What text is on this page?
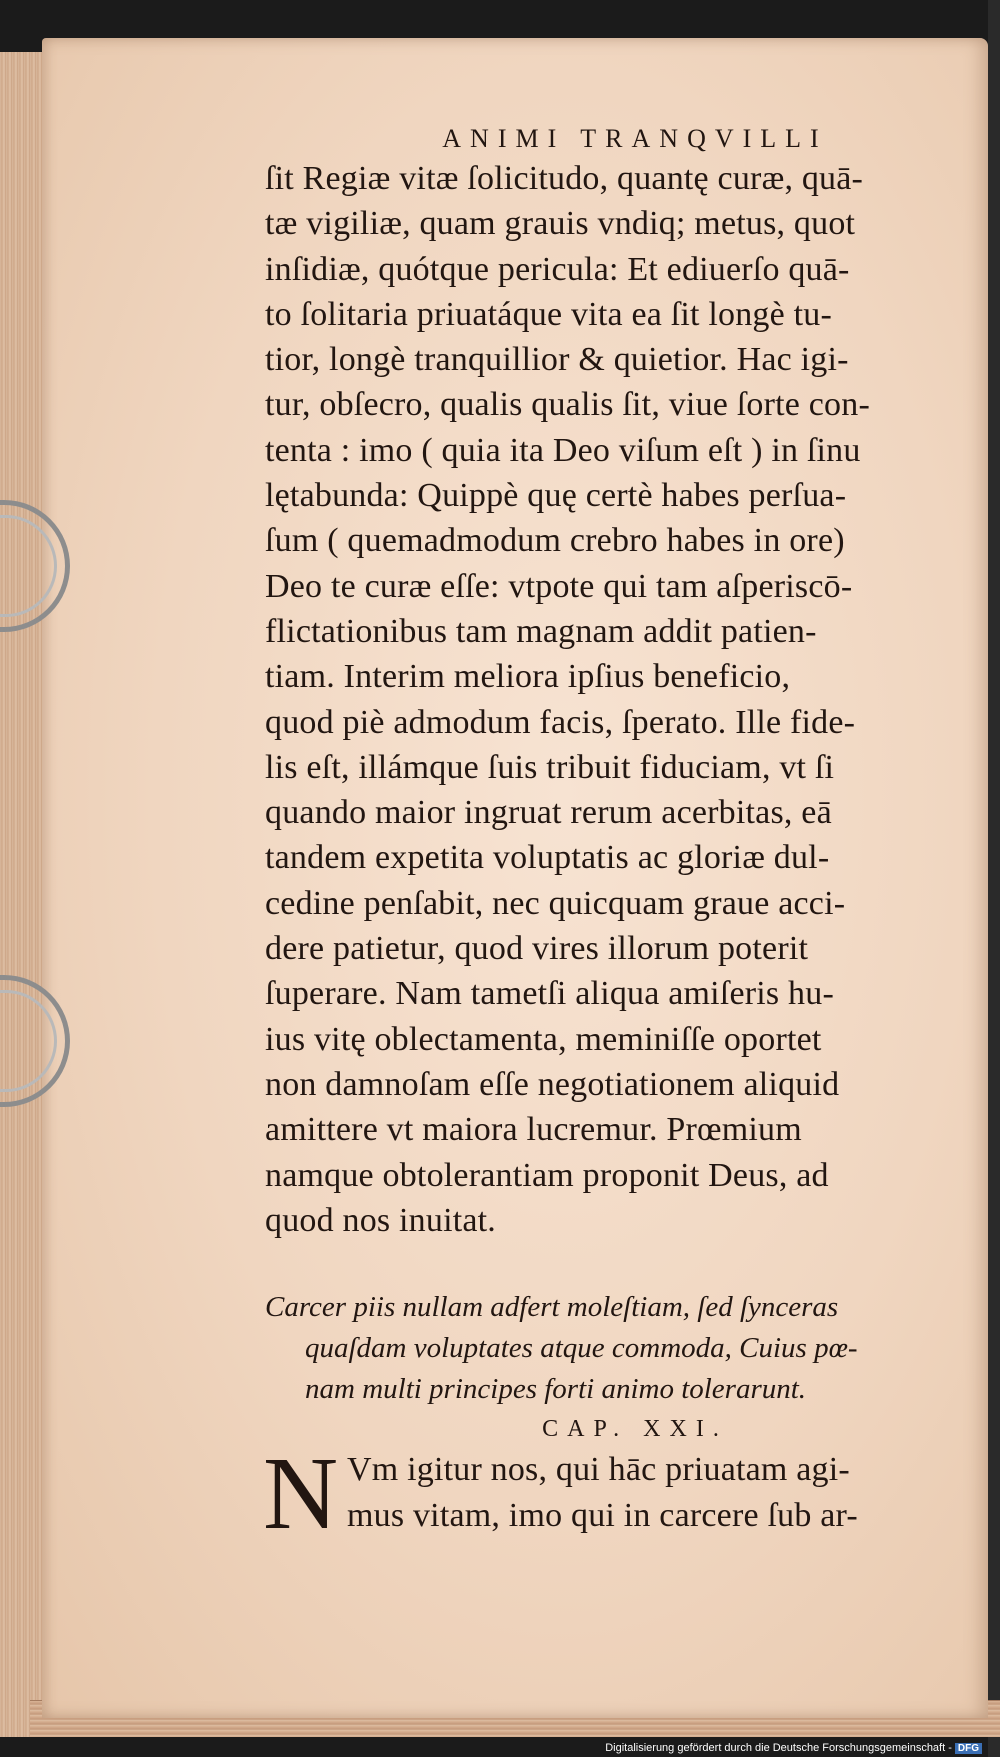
ANIMI TRANQVILLI
ſit Regiæ vitæ ſolicitudo, quantę curæ, quā-
tæ vigiliæ, quam grauis vndiq; metus, quot
inſidiæ, quótque pericula: Et ediuerſo quā-
to ſolitaria priuatáque vita ea ſit longè tu-
tior, longè tranquillior & quietior. Hac igi-
tur, obſecro, qualis qualis ſit, viue ſorte con-
tenta : imo ( quia ita Deo viſum eſt ) in ſinu
lętabunda: Quippè quę certè habes perſua-
ſum ( quemadmodum crebro habes in ore)
Deo te curæ eſſe: vtpote qui tam aſperiscō-
flictationibus tam magnam addit patien-
tiam. Interim meliora ipſius beneficio,
quod piè admodum facis, ſperato. Ille fide-
lis eſt, illámque ſuis tribuit fiduciam, vt ſi
quando maior ingruat rerum acerbitas, eā
tandem expetita voluptatis ac gloriæ dul-
cedine penſabit, nec quicquam graue acci-
dere patietur, quod vires illorum poterit
ſuperare. Nam tametſi aliqua amiſeris hu-
ius vitę oblectamenta, meminiſſe oportet
non damnoſam eſſe negotiationem aliquid
amittere vt maiora lucremur. Prœmium
namque obtolerantiam proponit Deus, ad
quod nos inuitat.
Carcer piis nullam adfert moleſtiam, ſed ſynceras
quaſdam voluptates atque commoda, Cuius pœ-
nam multi principes forti animo tolerarunt.
CAP. XXI.
N Vm igitur nos, qui hāc priuatam agi-
mus vitam, imo qui in carcere ſub ar-
Digitalisierung gefördert durch die Deutsche Forschungsgemeinschaft - DFG
